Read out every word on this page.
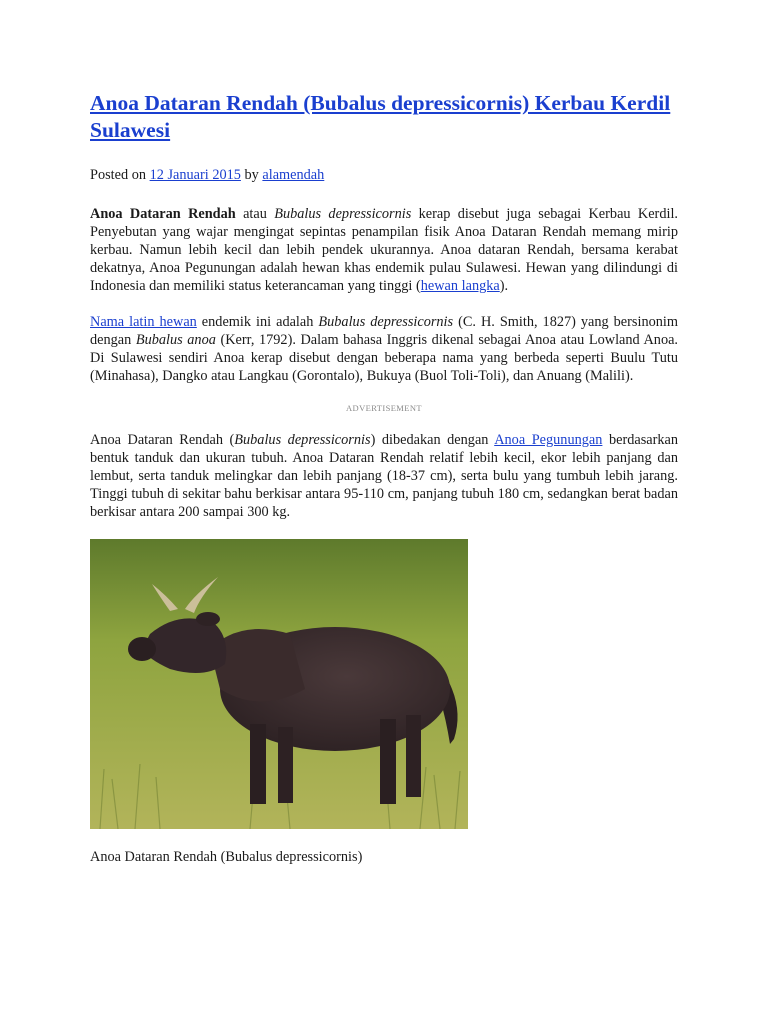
Anoa Dataran Rendah (Bubalus depressicornis) Kerbau Kerdil Sulawesi
Posted on 12 Januari 2015 by alamendah

Anoa Dataran Rendah atau Bubalus depressicornis kerap disebut juga sebagai Kerbau Kerdil. Penyebutan yang wajar mengingat sepintas penampilan fisik Anoa Dataran Rendah memang mirip kerbau. Namun lebih kecil dan lebih pendek ukurannya. Anoa dataran Rendah, bersama kerabat dekatnya, Anoa Pegunungan adalah hewan khas endemik pulau Sulawesi. Hewan yang dilindungi di Indonesia dan memiliki status keterancaman yang tinggi (hewan langka).

Nama latin hewan endemik ini adalah Bubalus depressicornis (C. H. Smith, 1827) yang bersinonim dengan Bubalus anoa (Kerr, 1792). Dalam bahasa Inggris dikenal sebagai Anoa atau Lowland Anoa. Di Sulawesi sendiri Anoa kerap disebut dengan beberapa nama yang berbeda seperti Buulu Tutu (Minahasa), Dangko atau Langkau (Gorontalo), Bukuya (Buol Toli-Toli), dan Anuang (Malili).

ADVERTISEMENT

Anoa Dataran Rendah (Bubalus depressicornis) dibedakan dengan Anoa Pegunungan berdasarkan bentuk tanduk dan ukuran tubuh. Anoa Dataran Rendah relatif lebih kecil, ekor lebih panjang dan lembut, serta tanduk melingkar dan lebih panjang (18-37 cm), serta bulu yang tumbuh lebih jarang. Tinggi tubuh di sekitar bahu berkisar antara 95-110 cm, panjang tubuh 180 cm, sedangkan berat badan berkisar antara 200 sampai 300 kg.

Anoa Dataran Rendah (Bubalus depressicornis)
